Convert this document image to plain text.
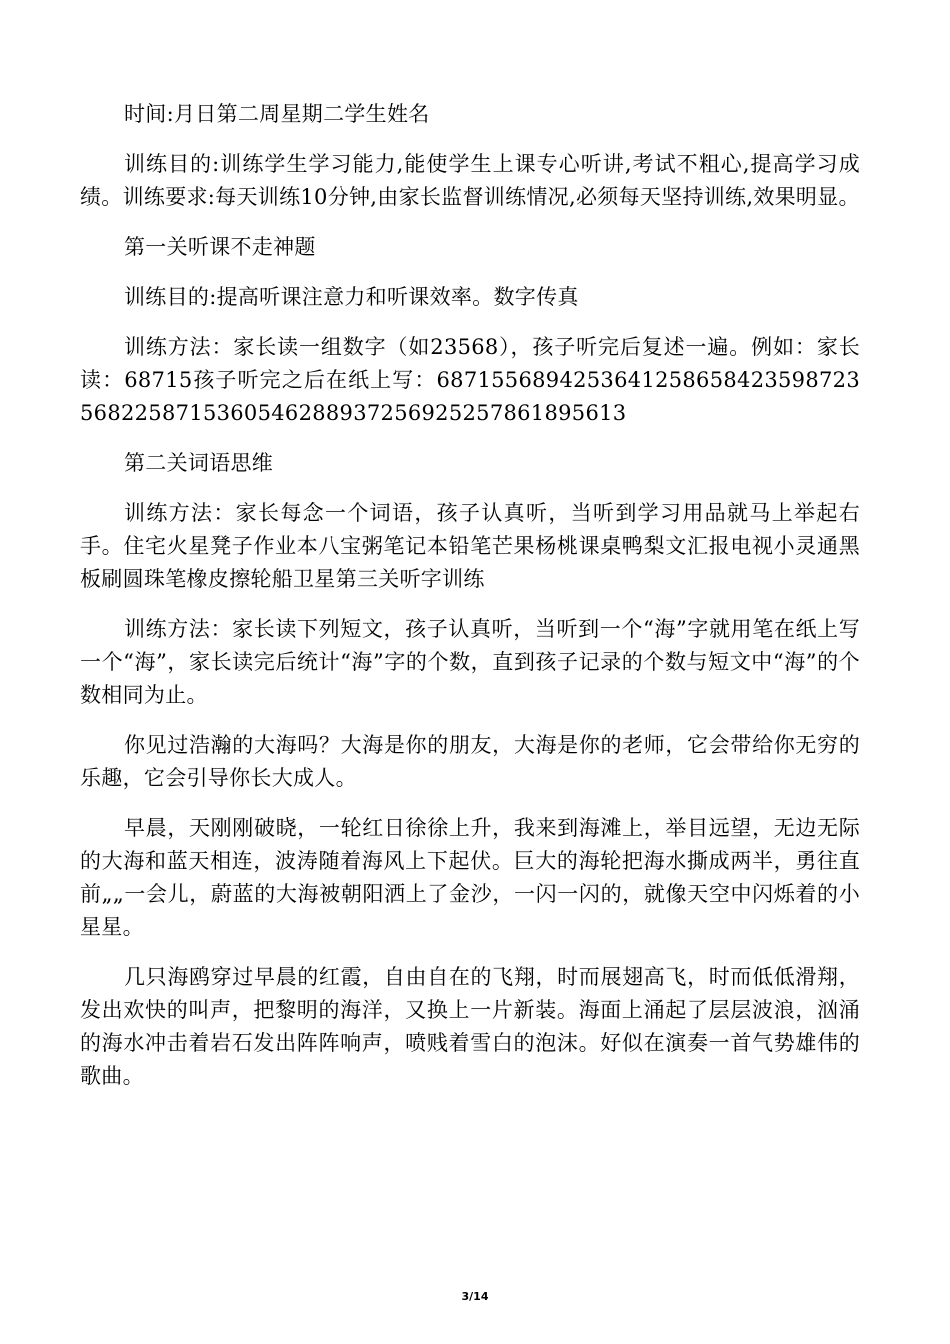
时间:月日第二周星期二学生姓名

训练目的:训练学生学习能力,能使学生上课专心听讲,考试不粗心,提高学习成绩。训练要求:每天训练10分钟,由家长监督训练情况,必须每天坚持训练,效果明显。

第一关听课不走神题

训练目的:提高听课注意力和听课效率。数字传真

训练方法：家长读一组数字（如23568），孩子听完后复述一遍。例如：家长读：68715孩子听完之后在纸上写：687155689425364125865842359872356822587153605462889372569252578618956​13

第二关词语思维

训练方法：家长每念一个词语，孩子认真听，当听到学习用品就马上举起右手。住宅火星凳子作业本八宝粥笔记本铅笔芒果杨桃课桌鸭梨文汇报电视小灵通黑板刷圆珠笔橡皮擦轮船卫星第三关听字训练

训练方法：家长读下列短文，孩子认真听，当听到一个“海”字就用笔在纸上写一个“海”，家长读完后统计“海”字的个数，直到孩子记录的个数与短文中“海”的个数相同为止。

你见过浩瀚的大海吗？大海是你的朋友，大海是你的老师，它会带给你无穷的乐趣，它会引导你长大成人。

早晨，天刚刚破晓，一轮红日徐徐上升，我来到海滩上，举目远望，无边无际的大海和蓝天相连，波涛随着海风上下起伏。巨大的海轮把海水撕成两半，勇往直前„„一会儿，蔚蓝的大海被朝阳洒上了金沙，一闪一闪的，就像天空中闪烁着的小星星。

几只海鸥穿过早晨的红霞，自由自在的飞翔，时而展翅高飞，时而低低滑翔，发出欢快的叫声，把黎明的海洋，又换上一片新装。海面上涌起了层层波浪，汹涌的海水冲击着岩石发出阵阵响声，喷贱着雪白的泡沫。好似在演奏一首气势雄伟的歌曲。

3/14
